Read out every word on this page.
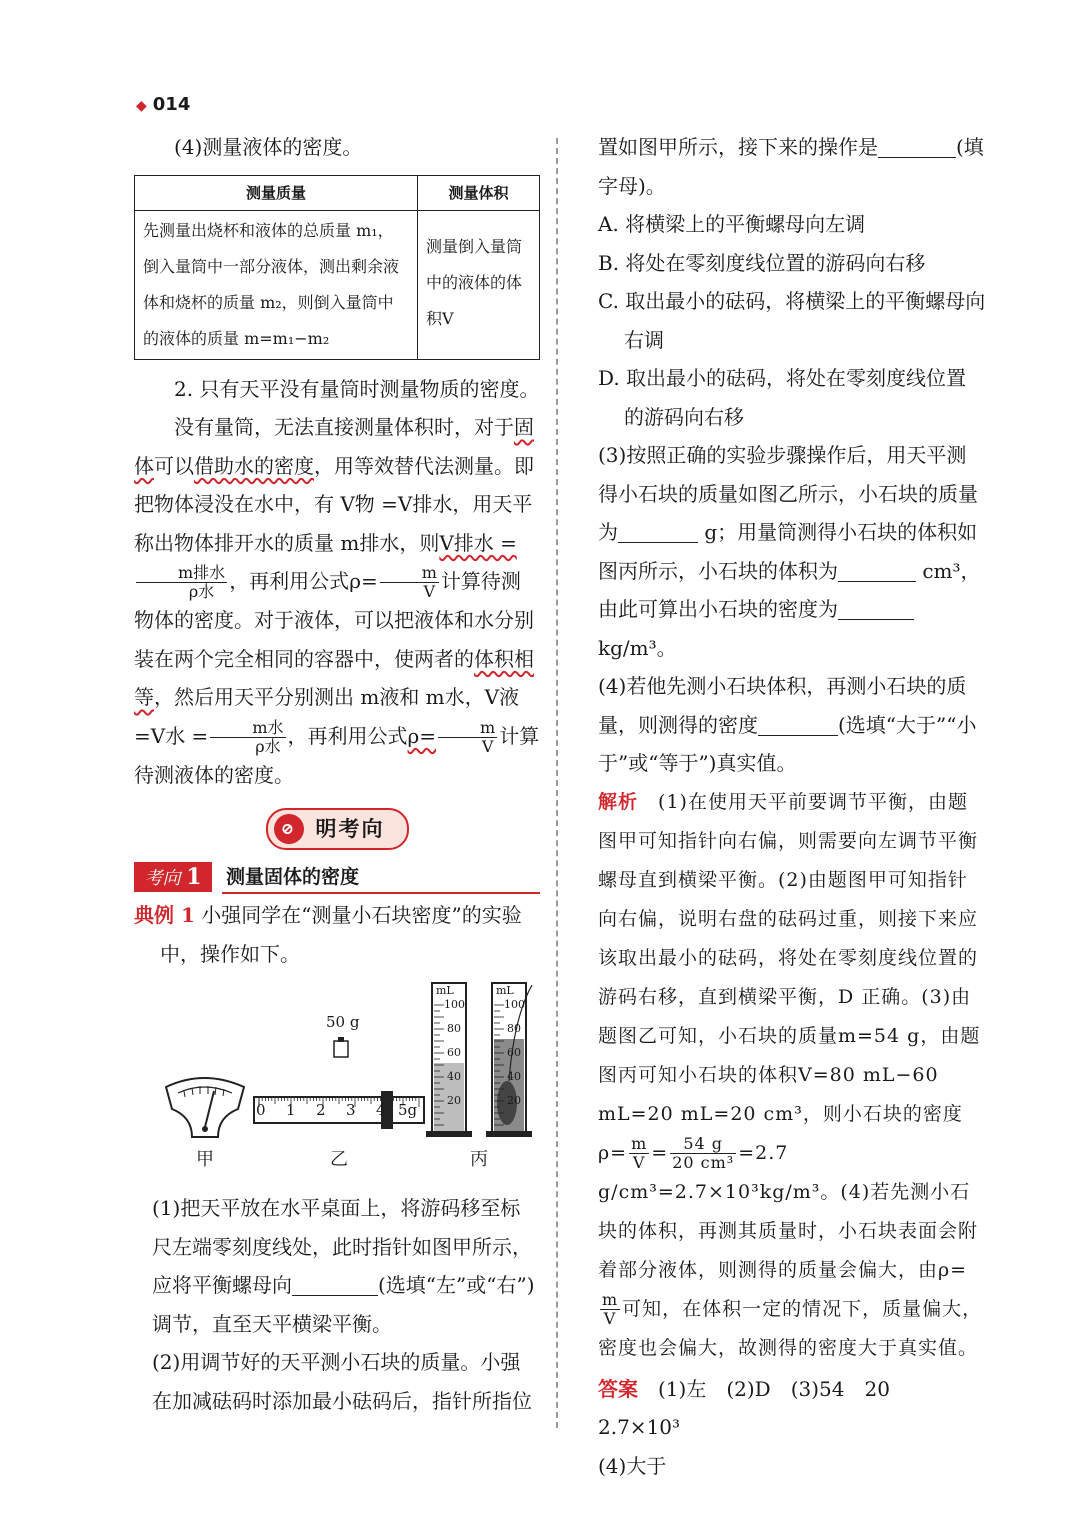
◆ 014

(4)测量液体的密度。

测量质量	测量体积
先测量出烧杯和液体的总质量 m₁，倒入量筒中一部分液体，测出剩余液体和烧杯的质量 m₂，则倒入量筒中的液体的质量 m=m₁−m₂	测量倒入量筒中的液体的体积V

2. 只有天平没有量筒时测量物质的密度。

没有量筒，无法直接测量体积时，对于固体可以借助水的密度，用等效替代法测量。即把物体浸没在水中，有 V物 =V排水，用天平称出物体排开水的质量 m排水，则V排水 =
$\frac{\text{m排水}}{\text{ρ水}}$ ，再利用公式$\rho= \frac{m}{V}$ 计算待测物体的密度。对于液体，可以把液体和水分别装在两个完全相同的容器中，使两者的体积相等，然后用天平分别测出 m液和 m水，V液 =V水 = $\frac{\text{m水}}{\text{ρ水}}$ ，再利用公式$\rho= \frac{m}{V}$ 计算待测液体的密度。

⊘ 明考向
考向 1	测量固体的密度

典例 1 小强同学在“测量小石块密度”的实验中，操作如下。

50 g
0 1 2 3 4 5g
mL	mL
100
80
60
40
20
100
80
60
40
20
甲	乙	丙

(1)把天平放在水平桌面上，将游码移至标尺左端零刻度线处，此时指针如图甲所示，应将平衡螺母向	(选填“左”或“右”)调节，直至天平横梁平衡。

(2)用调节好的天平测小石块的质量。小强在加减砝码时添加最小砝码后，指针所指位

置如图甲所示，接下来的操作是	(填字母)。

A. 将横梁上的平衡螺母向左调

B. 将处在零刻度线位置的游码向右移

C. 取出最小的砝码，将横梁上的平衡螺母向右调

D. 取出最小的砝码，将处在零刻度线位置的游码向右移

(3)按照正确的实验步骤操作后，用天平测得小石块的质量如图乙所示，小石块的质量为	g；用量筒测得小石块的体积如图丙所示，小石块的体积为	cm³，由此可算出小石块的密度为 kg/m³。

(4)若他先测小石块体积，再测小石块的质量，则测得的密度	(选填“大于”“小于”或“等于”)真实值。

解析　 (1)在使用天平前要调节平衡，由题图甲可知指针向右偏，则需要向左调节平衡螺母直到横梁平衡。(2)由题图甲可知指针向右偏，说明右盘的砝码过重，则接下来应该取出最小的砝码，将处在零刻度线位置的游码右移，直到横梁平衡，D 正确。(3)由题图乙可知，小石块的质量m=54 g，由题图丙可知小石块的体积V=80 mL−60 mL=20 mL=20 cm³，则小石块的密度$\rho= \frac{m}{V} = \frac{54 g}{\text{20 cm³}} =2.7$ g/cm³=2.7×10³kg/m³。(4)若先测小石块的体积，再测其质量时，小石块表面会附着部分液体，则测得的质量会偏大，由ρ=
$\frac{m}{V}$ 可知，在体积一定的情况下，质量偏大，密度也会偏大，故测得的密度大于真实值。

答案　 (1)左　(2)D　(3)54　20　2.7×10³

(4)大于
